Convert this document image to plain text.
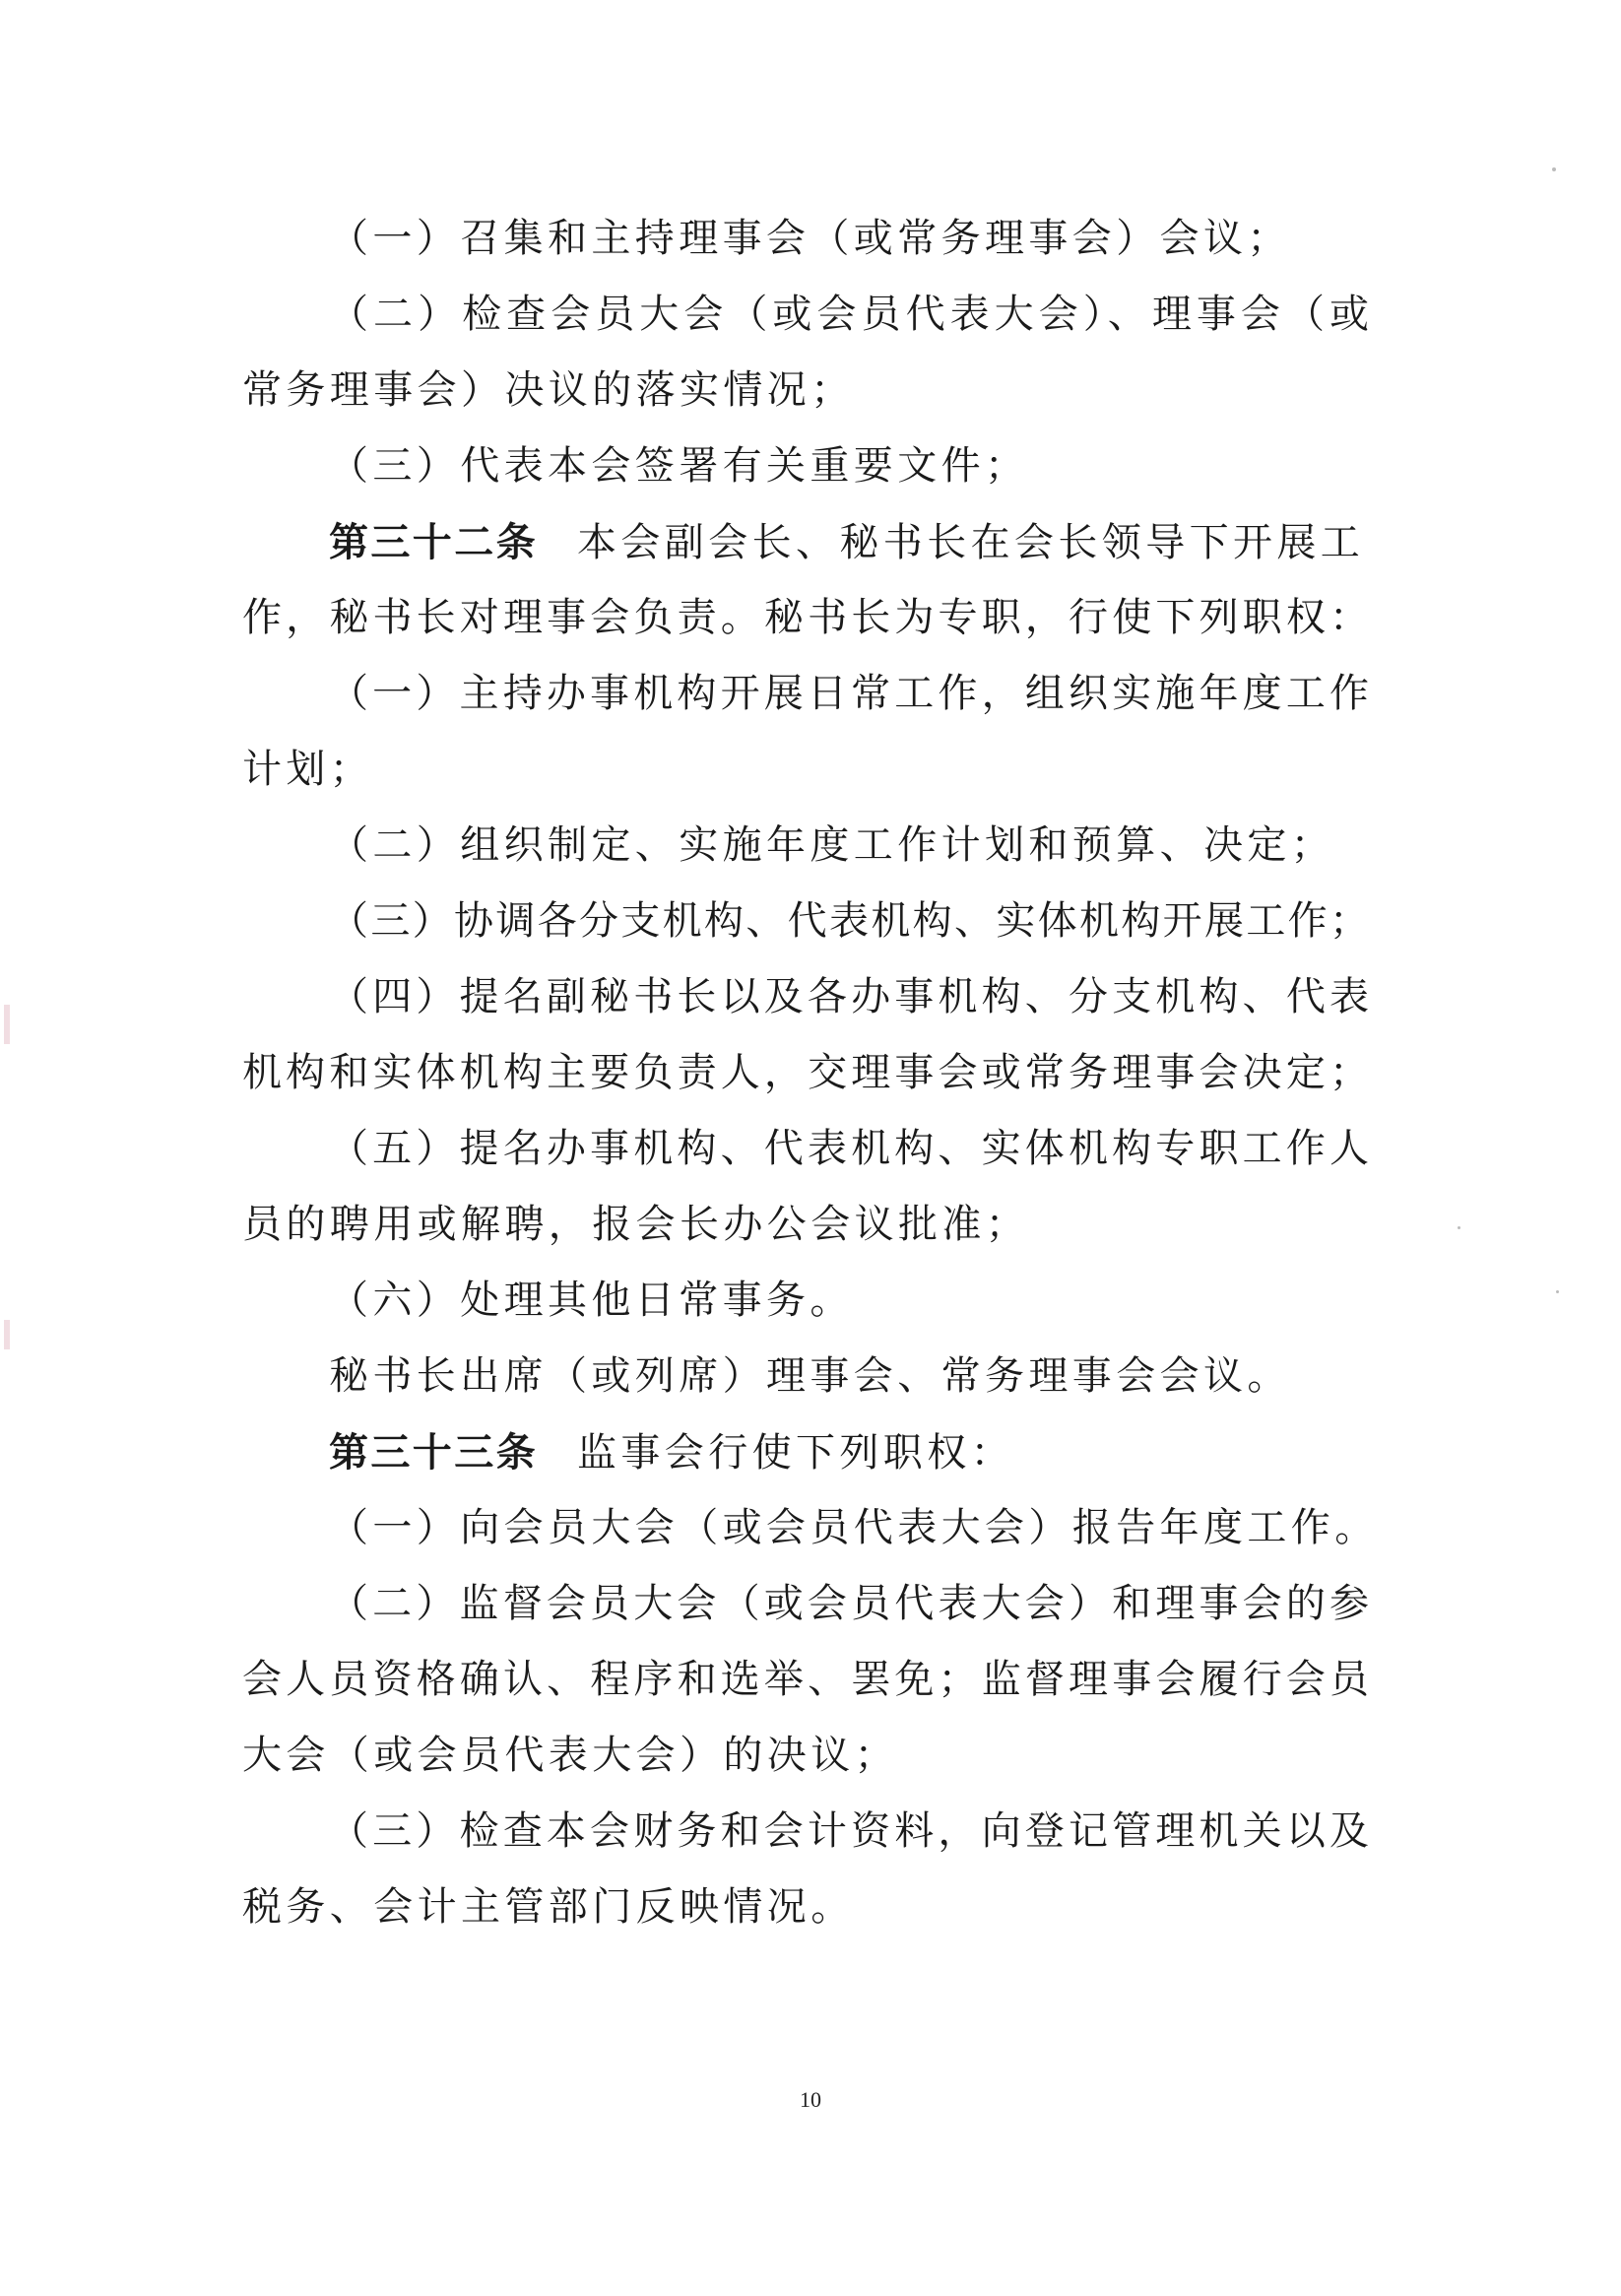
（一）召集和主持理事会（或常务理事会）会议；
（二）检查会员大会（或会员代表大会）、理事会（或
常务理事会）决议的落实情况；
（三）代表本会签署有关重要文件；
第三十二条 本会副会长、秘书长在会长领导下开展工
作，秘书长对理事会负责。秘书长为专职，行使下列职权：
（一）主持办事机构开展日常工作，组织实施年度工作
计划；
（二）组织制定、实施年度工作计划和预算、决定；
（三）协调各分支机构、代表机构、实体机构开展工作；
（四）提名副秘书长以及各办事机构、分支机构、代表
机构和实体机构主要负责人，交理事会或常务理事会决定；
（五）提名办事机构、代表机构、实体机构专职工作人
员的聘用或解聘，报会长办公会议批准；
（六）处理其他日常事务。
秘书长出席（或列席）理事会、常务理事会会议。
第三十三条 监事会行使下列职权：
（一）向会员大会（或会员代表大会）报告年度工作。
（二）监督会员大会（或会员代表大会）和理事会的参
会人员资格确认、程序和选举、罢免；监督理事会履行会员
大会（或会员代表大会）的决议；
（三）检查本会财务和会计资料，向登记管理机关以及
税务、会计主管部门反映情况。
10
